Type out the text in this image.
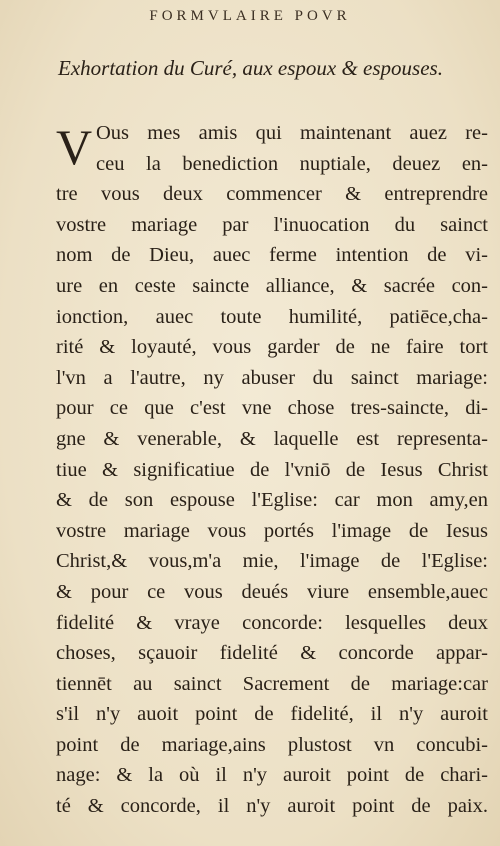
FORMVLAIRE POVR
Exhortation du Curé, aux espoux & espouses.
V Ous mes amis qui maintenant auez re-
ceu la benediction nuptiale, deuez en-
tre vous deux commencer & entreprendre
vostre mariage par l'inuocation du sainct
nom de Dieu, auec ferme intention de vi-
ure en ceste saincte alliance, & sacrée con-
ionction, auec toute humilité, patiēce,cha-
rité & loyauté, vous garder de ne faire tort
l'vn a l'autre, ny abuser du sainct mariage:
pour ce que c'est vne chose tres-saincte, di-
gne & venerable, & laquelle est representa-
tiue & significatiue de l'vniō de Iesus Christ
& de son espouse l'Eglise: car mon amy,en
vostre mariage vous portés l'image de Iesus
Christ,& vous,m'a mie, l'image de l'Eglise:
& pour ce vous deués viure ensemble,auec
fidelité & vraye concorde: lesquelles deux
choses, sçauoir fidelité & concorde appar-
tiennēt au sainct Sacrement de mariage:car
s'il n'y auoit point de fidelité, il n'y auroit
point de mariage,ains plustost vn concubi-
nage: & la où il n'y auroit point de chari-
té & concorde, il n'y auroit point de paix.
